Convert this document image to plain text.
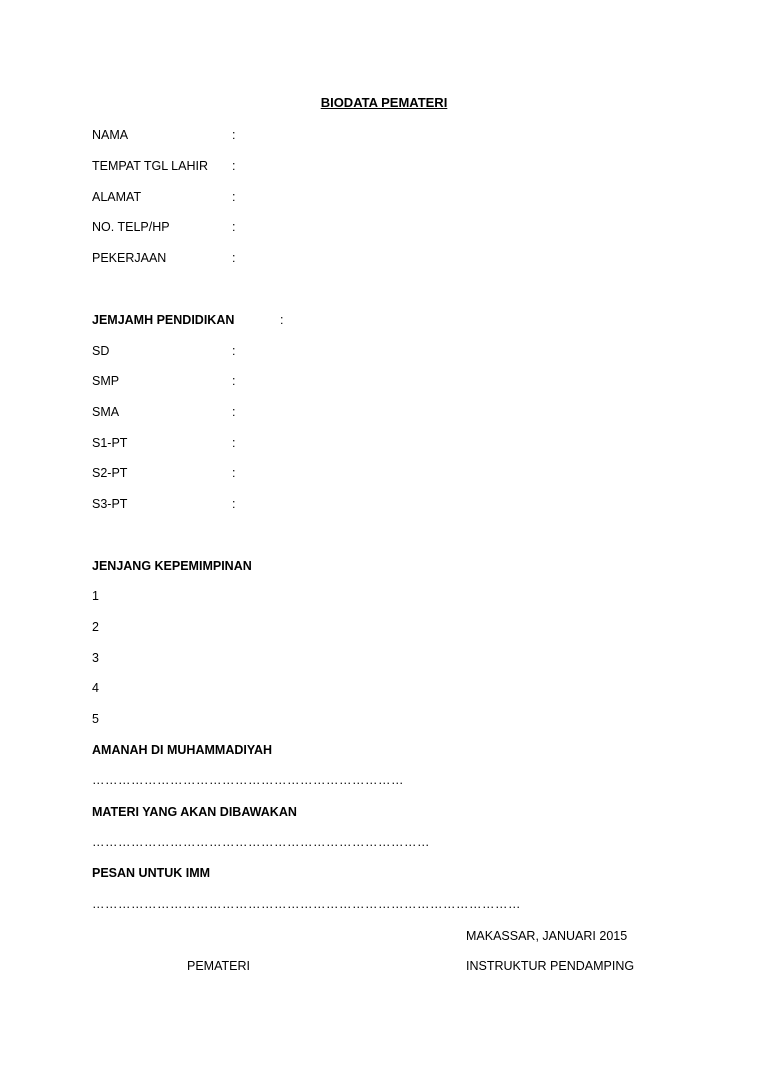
BIODATA PEMATERI
NAMA	:
TEMPAT TGL LAHIR :
ALAMAT	:
NO. TELP/HP	:
PEKERJAAN	:
JEMJAMH PENDIDIKAN	:
SD	:
SMP	:
SMA	:
S1-PT	:
S2-PT	:
S3-PT	:
JENJANG KEPEMIMPINAN
1
2
3
4
5
AMANAH DI MUHAMMADIYAH
………………………………………………………………
MATERI YANG AKAN DIBAWAKAN
……………………………………………………………………
PESAN UNTUK IMM
………………………………………………………………………………………
MAKASSAR, JANUARI 2015
PEMATERI	INSTRUKTUR PENDAMPING
